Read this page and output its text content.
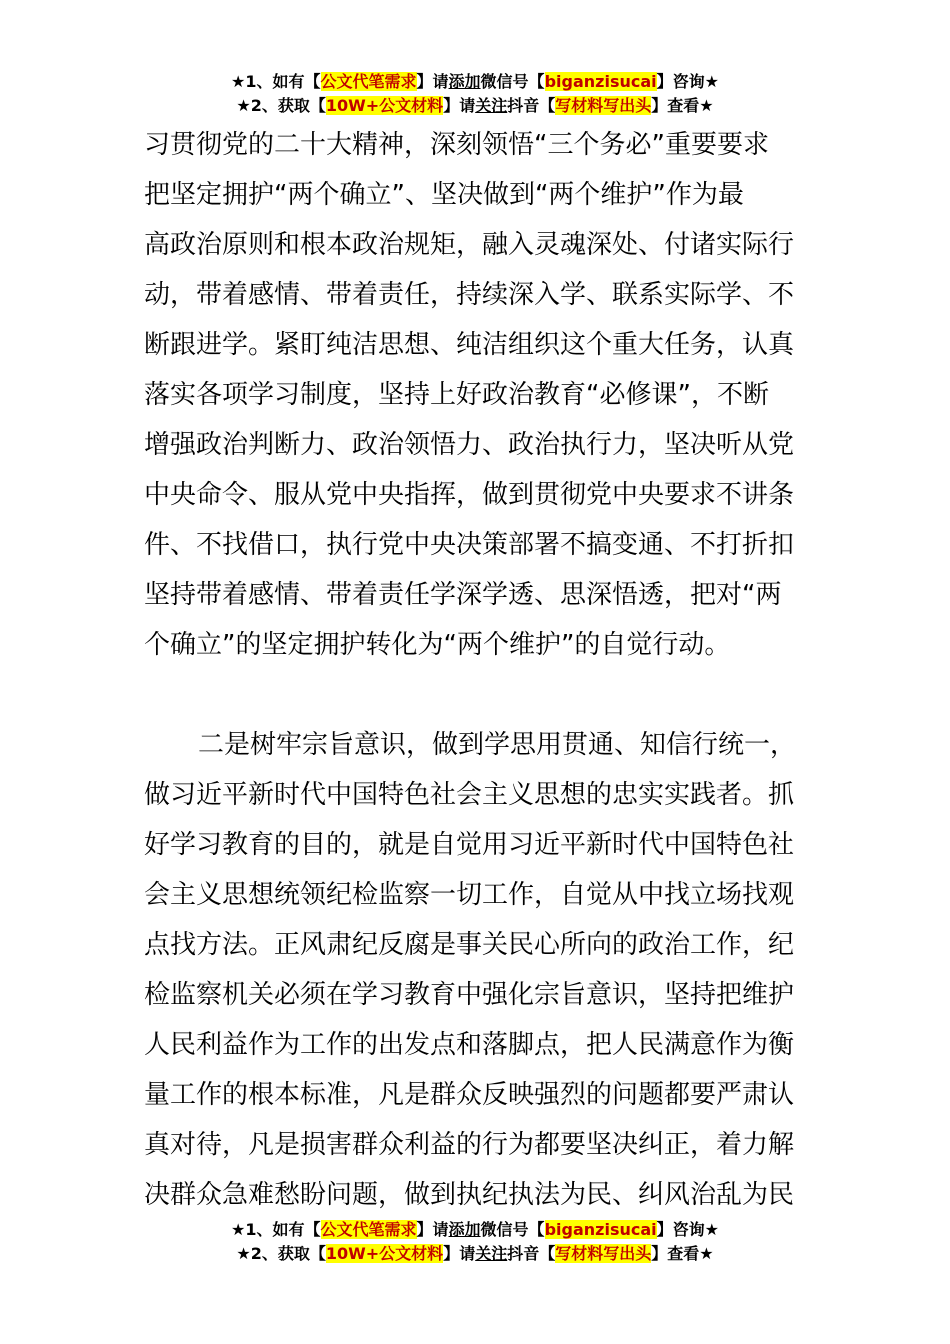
★1、如有【公文代笔需求】请添加微信号【biganzisucai】咨询★
★2、获取【10W+公文材料】请关注抖音【写材料写出头】查看★
习贯彻党的二十大精神，深刻领悟“三个务必”重要要求
把坚定拥护“两个确立”、坚决做到“两个维护”作为最
高政治原则和根本政治规矩，融入灵魂深处、付诸实际行
动，带着感情、带着责任，持续深入学、联系实际学、不
断跟进学。紧盯纯洁思想、纯洁组织这个重大任务，认真
落实各项学习制度，坚持上好政治教育“必修课”，不断
增强政治判断力、政治领悟力、政治执行力，坚决听从党
中央命令、服从党中央指挥，做到贯彻党中央要求不讲条
件、不找借口，执行党中央决策部署不搞变通、不打折扣
坚持带着感情、带着责任学深学透、思深悟透，把对“两
个确立”的坚定拥护转化为“两个维护”的自觉行动。
二是树牢宗旨意识，做到学思用贯通、知信行统一，
做习近平新时代中国特色社会主义思想的忠实实践者。抓
好学习教育的目的，就是自觉用习近平新时代中国特色社
会主义思想统领纪检监察一切工作，自觉从中找立场找观
点找方法。正风肃纪反腐是事关民心所向的政治工作，纪
检监察机关必须在学习教育中强化宗旨意识，坚持把维护
人民利益作为工作的出发点和落脚点，把人民满意作为衡
量工作的根本标准，凡是群众反映强烈的问题都要严肃认
真对待，凡是损害群众利益的行为都要坚决纠正，着力解
决群众急难愁盼问题，做到执纪执法为民、纠风治乱为民
★1、如有【公文代笔需求】请添加微信号【biganzisucai】咨询★
★2、获取【10W+公文材料】请关注抖音【写材料写出头】查看★
